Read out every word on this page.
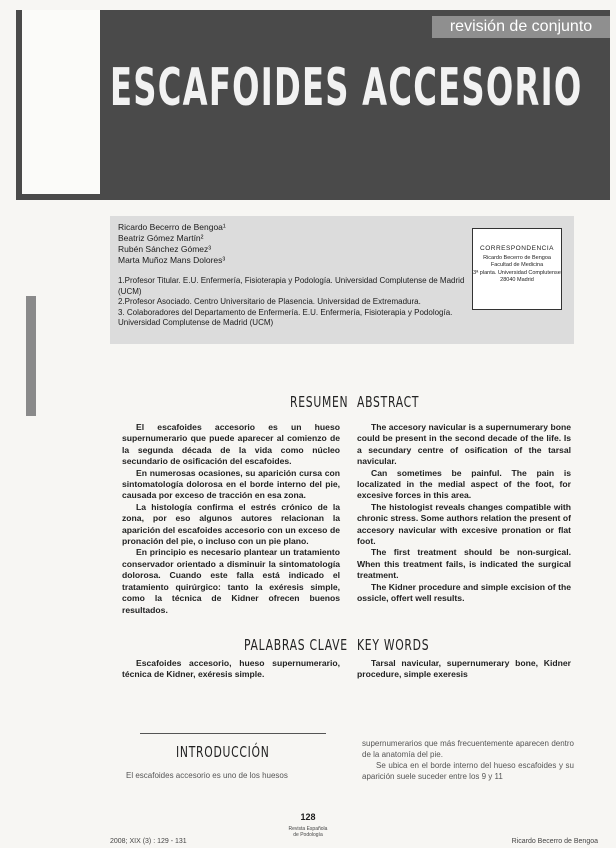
revisión de conjunto
ESCAFOIDES ACCESORIO
Ricardo Becerro de Bengoa¹
Beatriz Gómez Martín²
Rubén Sánchez Gómez³
Marta Muñoz Mans Dolores³
1.Profesor Titular. E.U. Enfermería, Fisioterapia y Podología. Universidad Complutense de Madrid (UCM)
2.Profesor Asociado. Centro Universitario de Plasencia. Universidad de Extremadura.
3. Colaboradores del Departamento de Enfermería. E.U. Enfermería, Fisioterapia y Podología. Universidad Complutense de Madrid (UCM)
CORRESPONDENCIA
Ricardo Becerro de Bengoa
Facultad de Medicina
3ª planta. Universidad Complutense
28040 Madrid
RESUMEN

El escafoides accesorio es un hueso supernumerario que puede aparecer al comienzo de la segunda década de la vida como núcleo secundario de osificación del escafoides.

En numerosas ocasiones, su aparición cursa con sintomatología dolorosa en el borde interno del pie, causada por exceso de tracción en esa zona.

La histología confirma el estrés crónico de la zona, por eso algunos autores relacionan la aparición del escafoides accesorio con un exceso de pronación del pie, o incluso con un pie plano.

En principio es necesario plantear un tratamiento conservador orientado a disminuir la sintomatología dolorosa. Cuando este falla está indicado el tratamiento quirúrgico: tanto la exéresis simple, como la técnica de Kidner ofrecen buenos resultados.

ABSTRACT

The accesory navicular is a supernumerary bone could be present in the second decade of the life. Is a secundary centre of osification of the tarsal navicular.

Can sometimes be painful. The pain is localizated in the medial aspect of the foot, for excesive forces in this area.

The histologist reveals changes compatible with chronic stress. Some authors relation the present of accesory navicular with excesive pronation or flat foot.

The first treatment should be non-surgical. When this treatment fails, is indicated the surgical treatment.

The Kidner procedure and simple excision of the ossicle, offert well results.

PALABRAS CLAVE

Escafoides accesorio, hueso supernumerario, técnica de Kidner, exéresis simple.

KEY WORDS

Tarsal navicular, supernumerary bone, Kidner procedure, simple exeresis

INTRODUCCIÓN
El escafoides accesorio es uno de los huesos

supernumerarios que más frecuentemente aparecen dentro de la anatomía del pie.

Se ubica en el borde interno del hueso escafoides y su aparición suele suceder entre los 9 y 11

128
Revista Española
de Podología
2008; XIX (3) : 129 - 131	Ricardo Becerro de Bengoa
